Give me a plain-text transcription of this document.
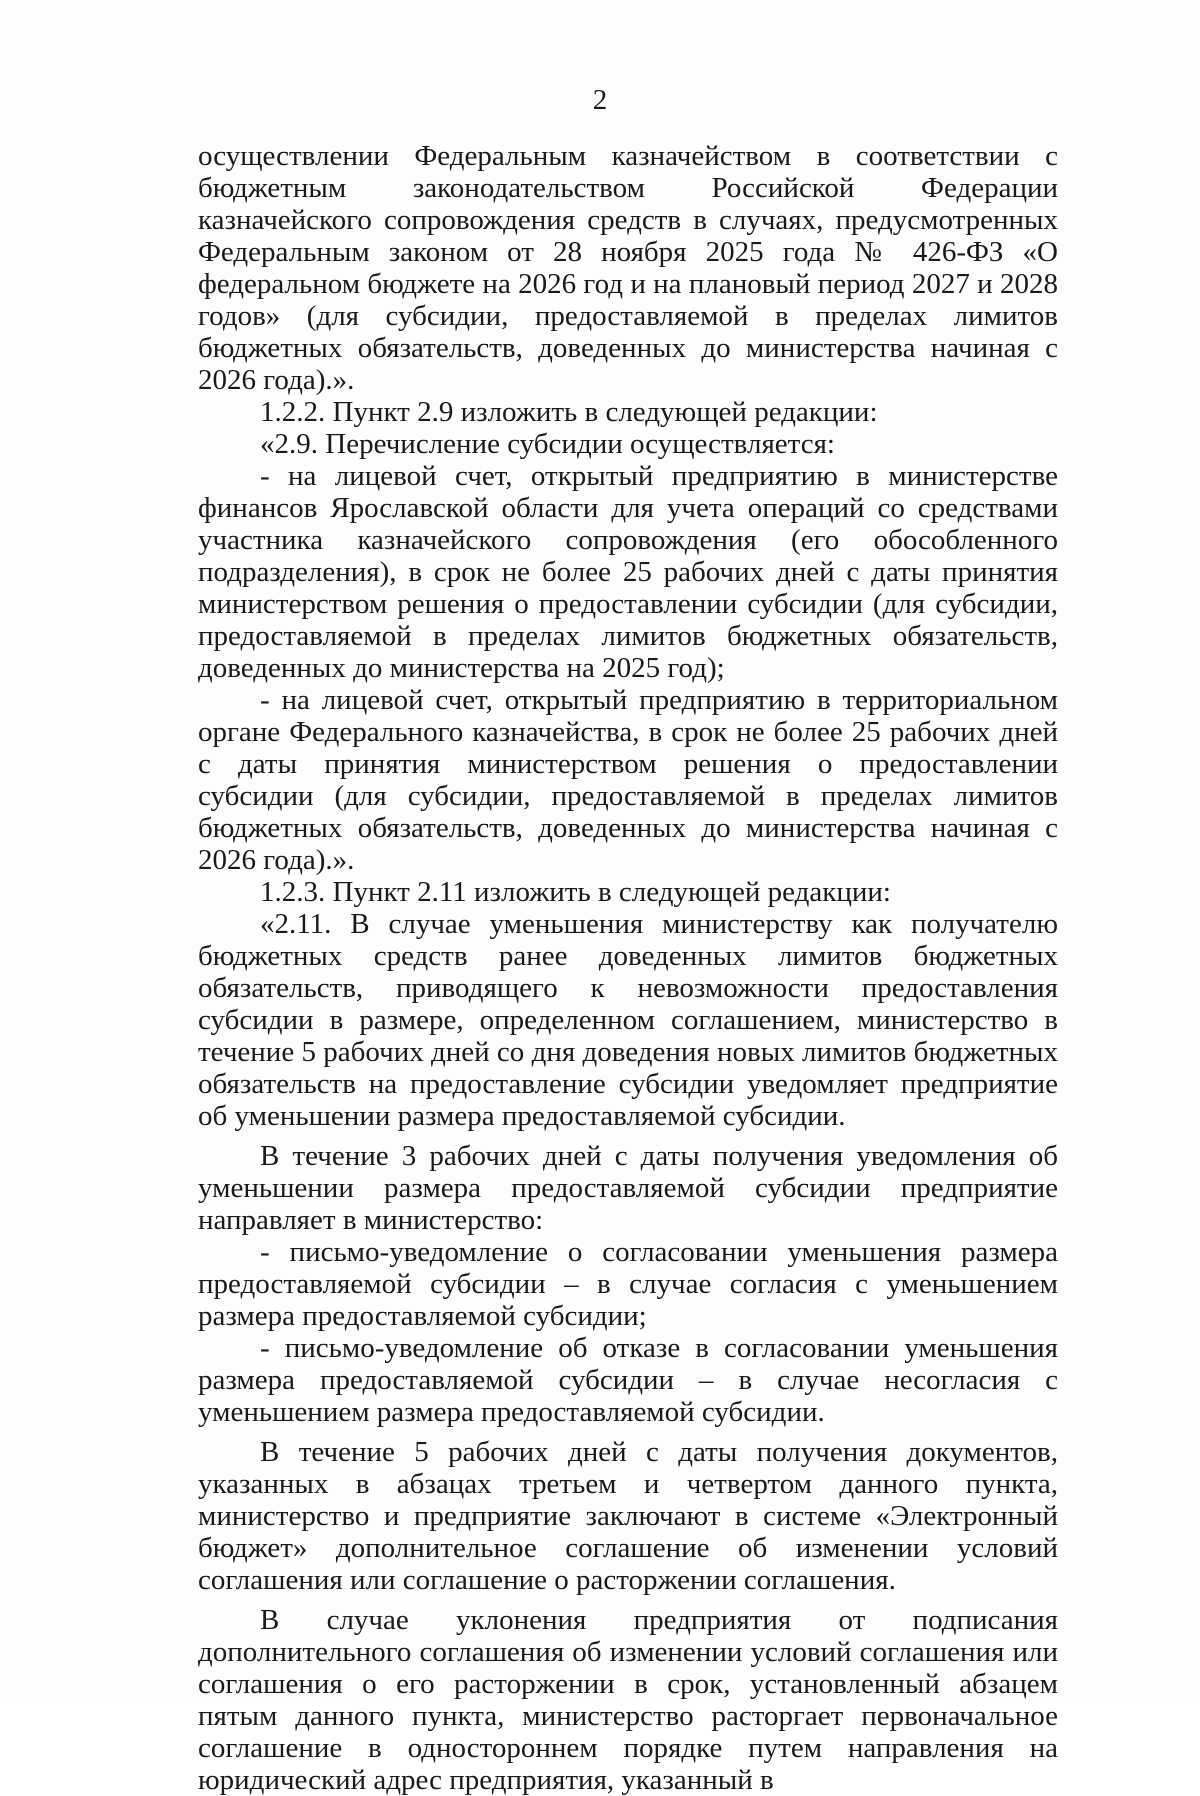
2

осуществлении Федеральным казначейством в соответствии с бюджетным законодательством Российской Федерации казначейского сопровождения средств в случаях, предусмотренных Федеральным законом от 28 ноября 2025 года № 426-ФЗ «О федеральном бюджете на 2026 год и на плановый период 2027 и 2028 годов» (для субсидии, предоставляемой в пределах лимитов бюджетных обязательств, доведенных до министерства начиная с 2026 года).».

1.2.2. Пункт 2.9 изложить в следующей редакции:

«2.9. Перечисление субсидии осуществляется:

- на лицевой счет, открытый предприятию в министерстве финансов Ярославской области для учета операций со средствами участника казначейского сопровождения (его обособленного подразделения), в срок не более 25 рабочих дней с даты принятия министерством решения о предоставлении субсидии (для субсидии, предоставляемой в пределах лимитов бюджетных обязательств, доведенных до министерства на 2025 год);

- на лицевой счет, открытый предприятию в территориальном органе Федерального казначейства, в срок не более 25 рабочих дней с даты принятия министерством решения о предоставлении субсидии (для субсидии, предоставляемой в пределах лимитов бюджетных обязательств, доведенных до министерства начиная с 2026 года).».

1.2.3. Пункт 2.11 изложить в следующей редакции:

«2.11. В случае уменьшения министерству как получателю бюджетных средств ранее доведенных лимитов бюджетных обязательств, приводящего к невозможности предоставления субсидии в размере, определенном соглашением, министерство в течение 5 рабочих дней со дня доведения новых лимитов бюджетных обязательств на предоставление субсидии уведомляет предприятие об уменьшении размера предоставляемой субсидии.

В течение 3 рабочих дней с даты получения уведомления об уменьшении размера предоставляемой субсидии предприятие направляет в министерство:

- письмо-уведомление о согласовании уменьшения размера предоставляемой субсидии – в случае согласия с уменьшением размера предоставляемой субсидии;

- письмо-уведомление об отказе в согласовании уменьшения размера предоставляемой субсидии – в случае несогласия с уменьшением размера предоставляемой субсидии.

В течение 5 рабочих дней с даты получения документов, указанных в абзацах третьем и четвертом данного пункта, министерство и предприятие заключают в системе «Электронный бюджет» дополнительное соглашение об изменении условий соглашения или соглашение о расторжении соглашения.

В случае уклонения предприятия от подписания дополнительного соглашения об изменении условий соглашения или соглашения о его расторжении в срок, установленный абзацем пятым данного пункта, министерство расторгает первоначальное соглашение в одностороннем порядке путем направления на юридический адрес предприятия, указанный в
